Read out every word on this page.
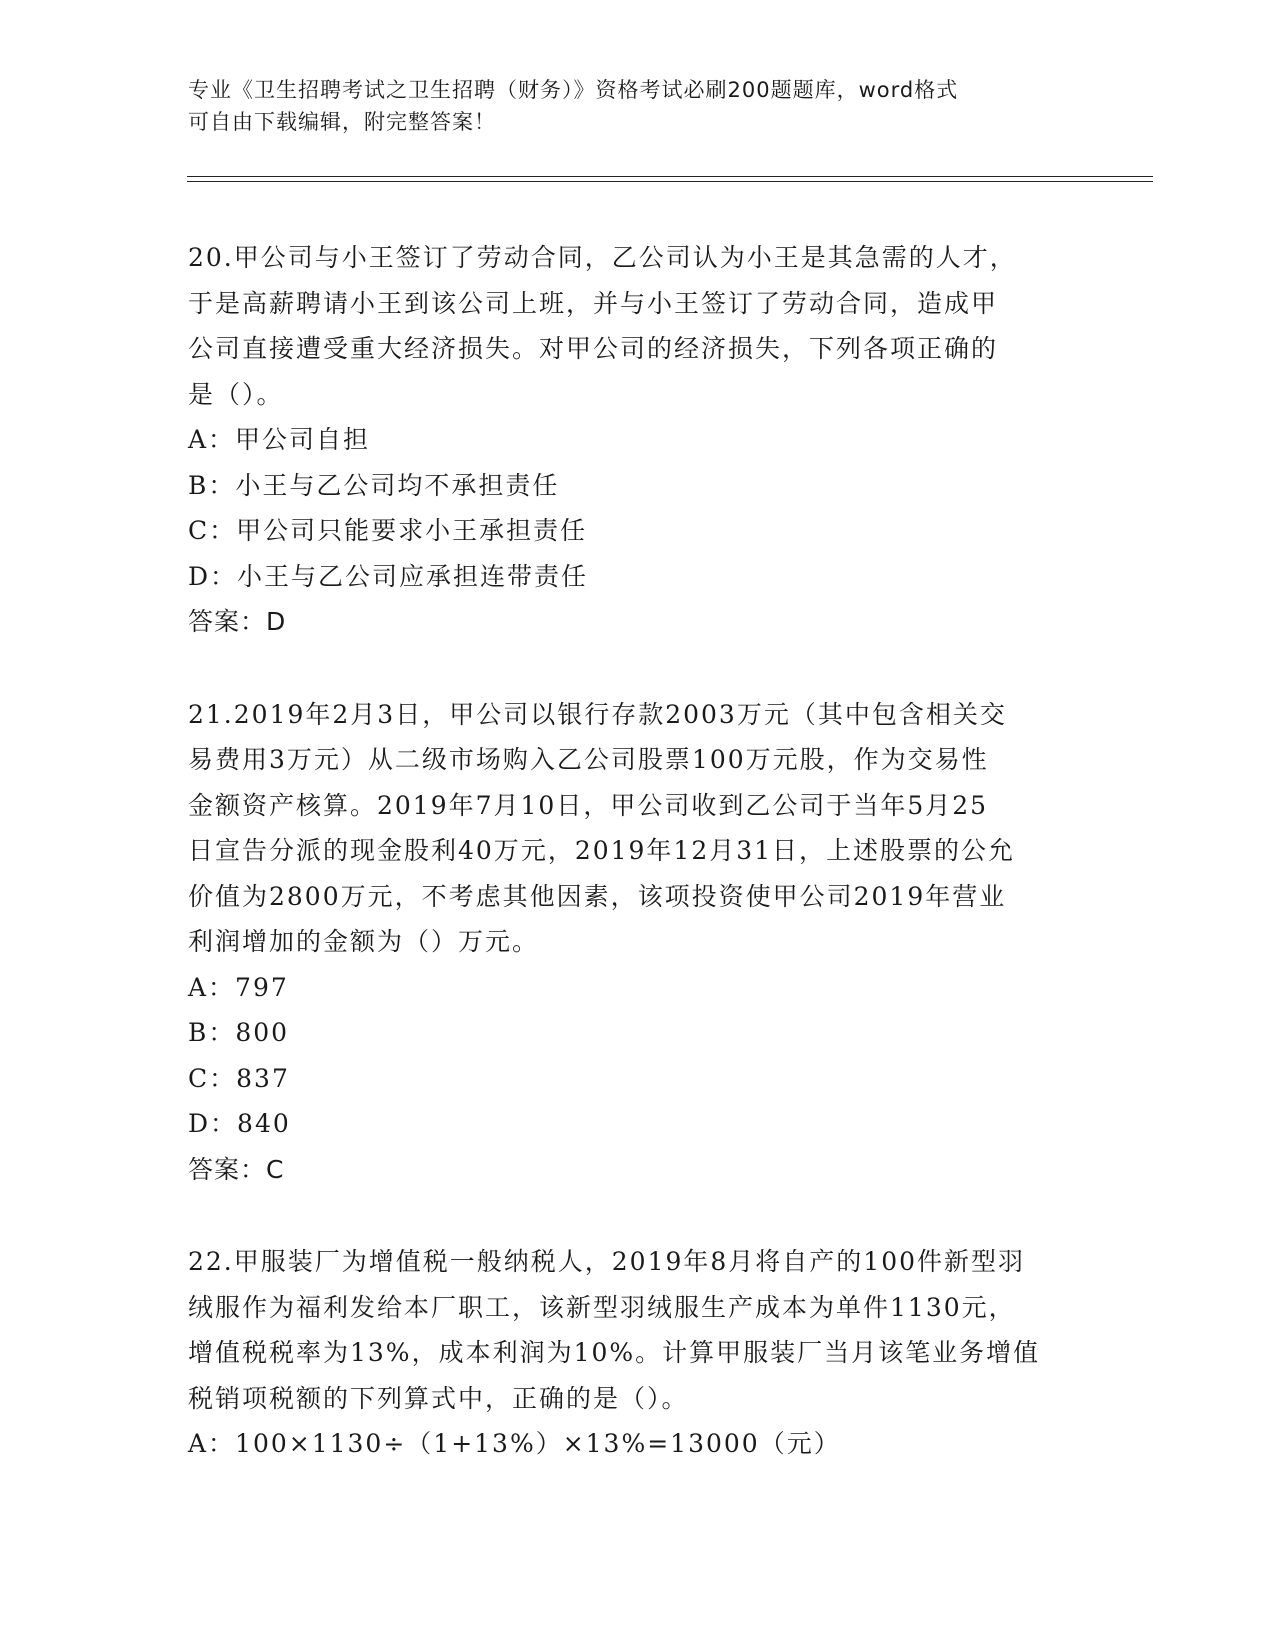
专业《卫生招聘考试之卫生招聘（财务）》资格考试必刷200题题库，word格式
可自由下载编辑，附完整答案！
20.甲公司与小王签订了劳动合同，乙公司认为小王是其急需的人才，
于是高薪聘请小王到该公司上班，并与小王签订了劳动合同，造成甲
公司直接遭受重大经济损失。对甲公司的经济损失，下列各项正确的
是（）。
A：甲公司自担
B：小王与乙公司均不承担责任
C：甲公司只能要求小王承担责任
D：小王与乙公司应承担连带责任
答案：D
21.2019年2月3日，甲公司以银行存款2003万元（其中包含相关交
易费用3万元）从二级市场购入乙公司股票100万元股，作为交易性
金额资产核算。2019年7月10日，甲公司收到乙公司于当年5月25
日宣告分派的现金股利40万元，2019年12月31日，上述股票的公允
价值为2800万元，不考虑其他因素，该项投资使甲公司2019年营业
利润增加的金额为（）万元。
A：797
B：800
C：837
D：840
答案：C
22.甲服装厂为增值税一般纳税人，2019年8月将自产的100件新型羽
绒服作为福利发给本厂职工，该新型羽绒服生产成本为单件1130元，
增值税税率为13%，成本利润为10%。计算甲服装厂当月该笔业务增值
税销项税额的下列算式中，正确的是（）。
A：100×1130÷（1+13%）×13%=13000（元）
